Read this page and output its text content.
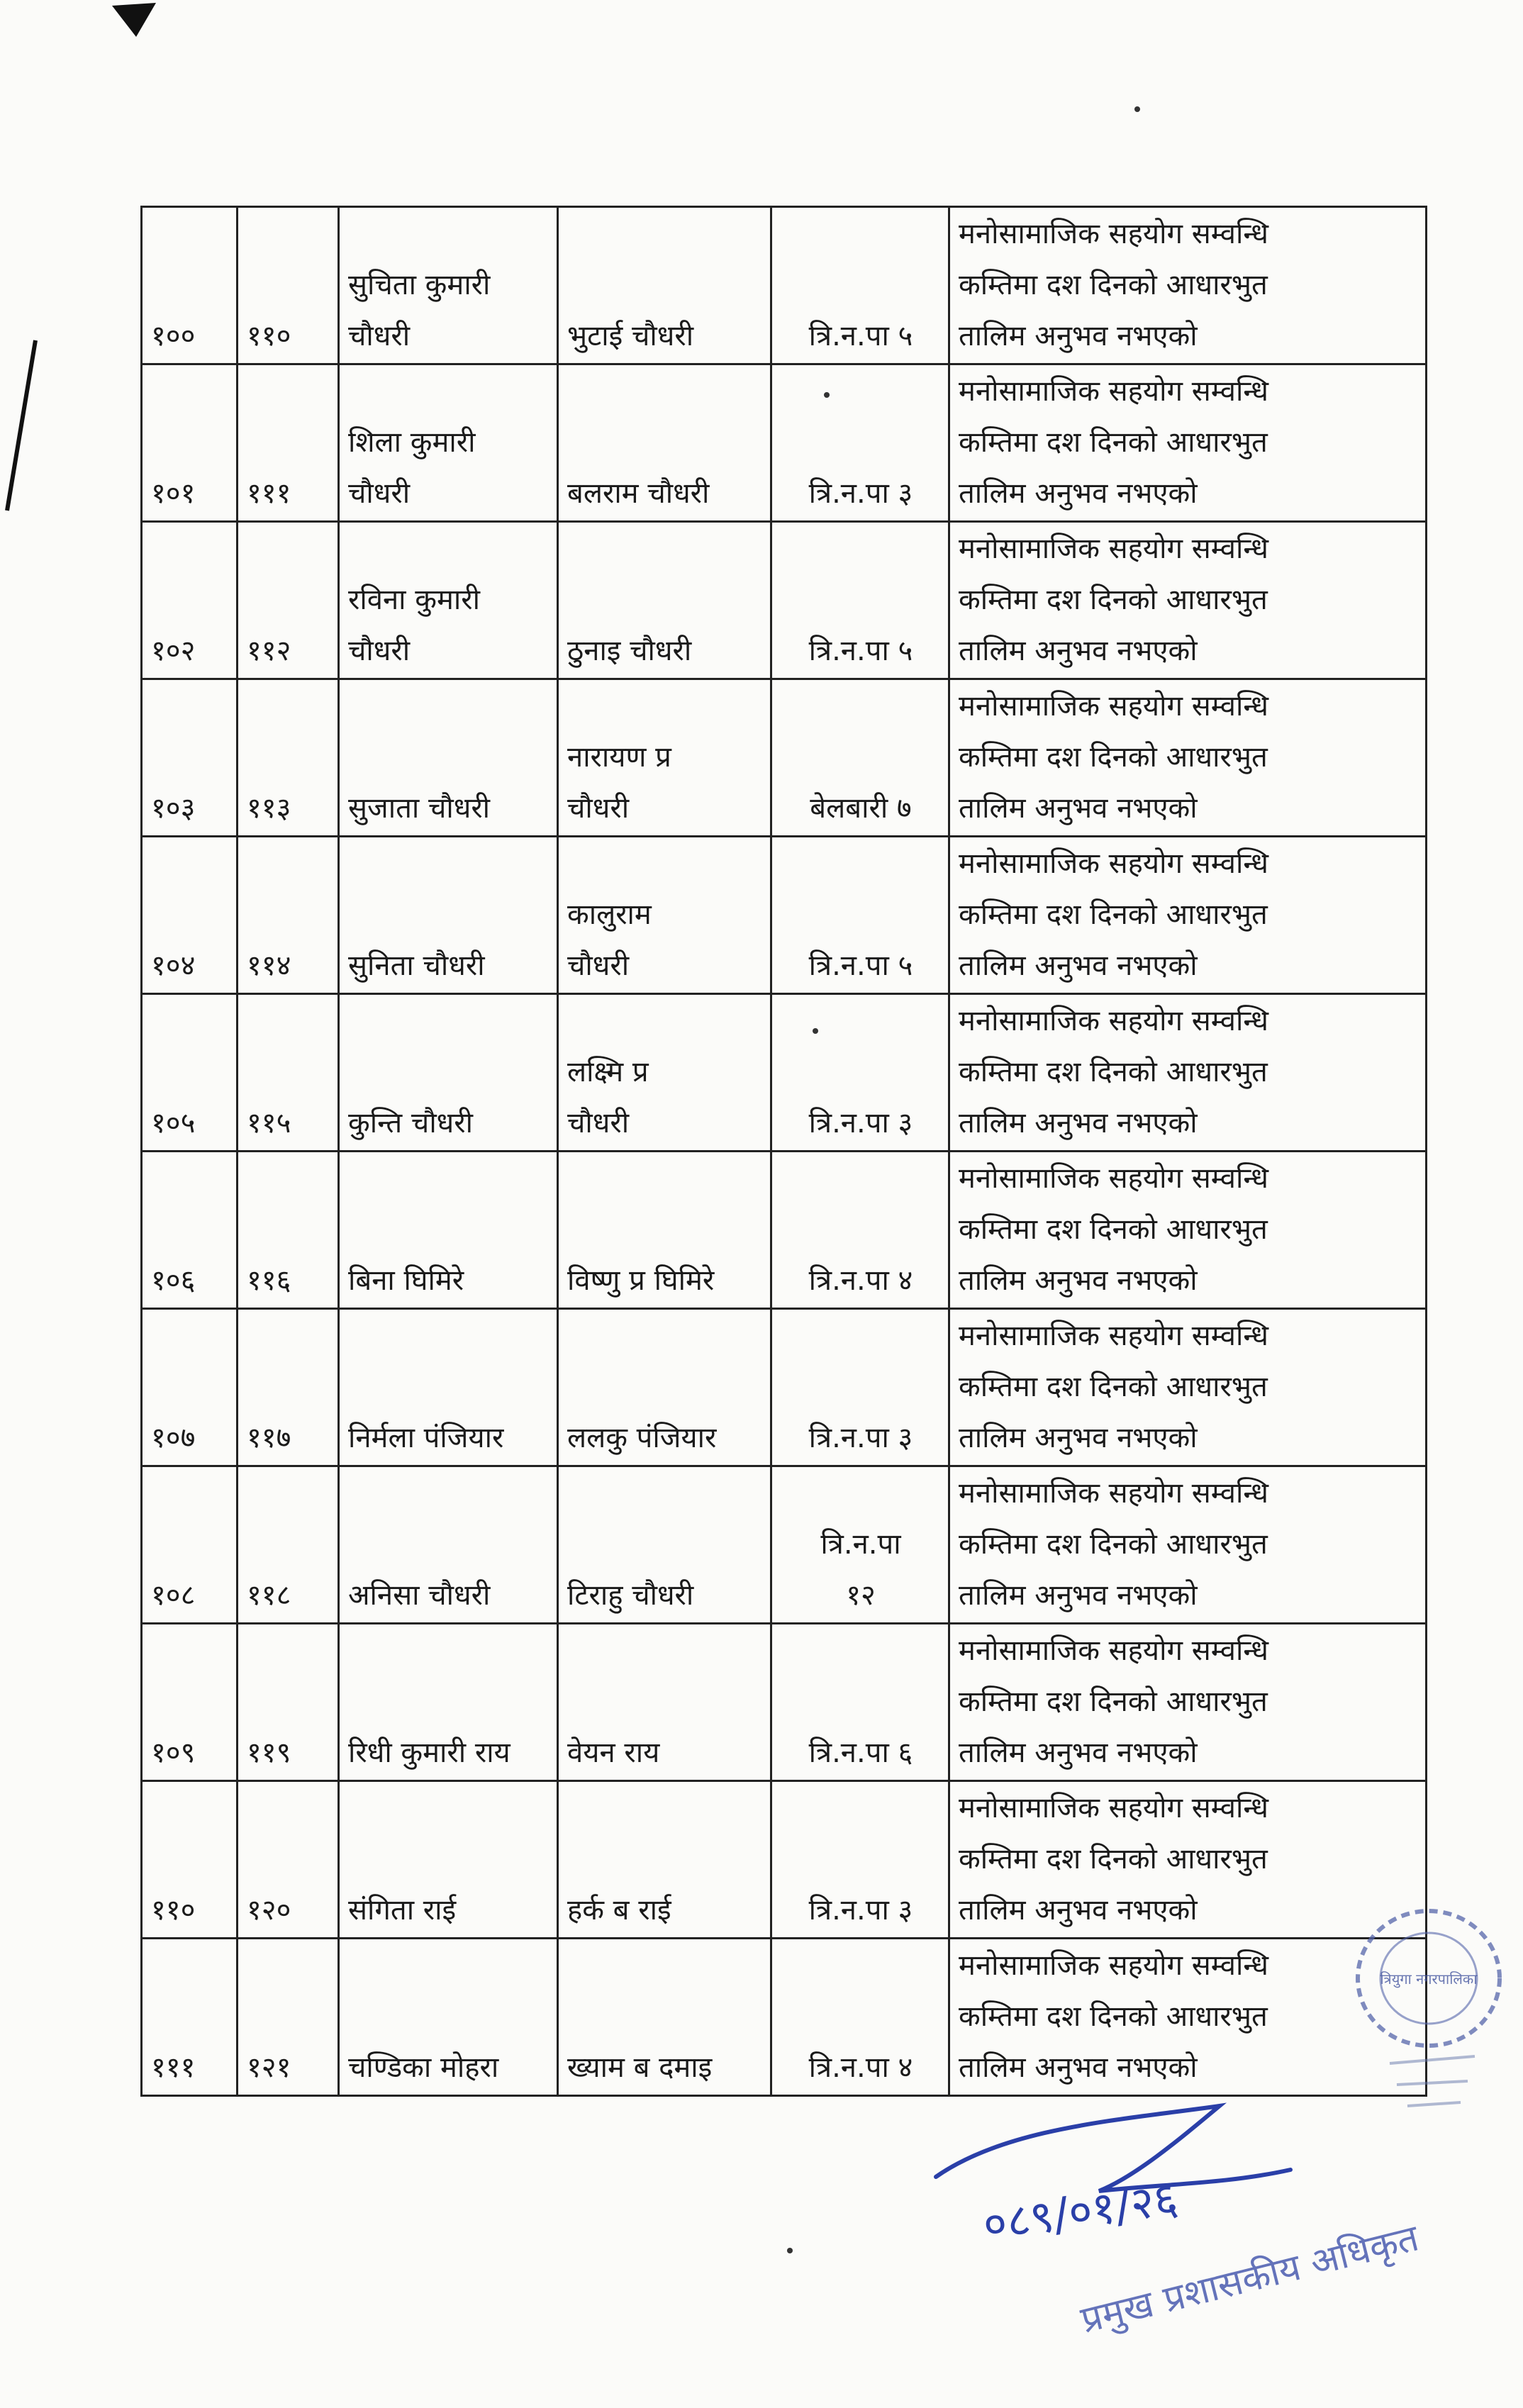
१००	११०	सुचिता कुमारी
चौधरी	भुटाई चौधरी	त्रि.न.पा ५	मनोसामाजिक सहयोग सम्वन्धि
कम्तिमा दश दिनको आधारभुत
तालिम अनुभव नभएको

१०१	१११	शिला कुमारी
चौधरी	बलराम चौधरी	त्रि.न.पा ३	मनोसामाजिक सहयोग सम्वन्धि
कम्तिमा दश दिनको आधारभुत
तालिम अनुभव नभएको

१०२	११२	रविना कुमारी
चौधरी	ठुनाइ चौधरी	त्रि.न.पा ५	मनोसामाजिक सहयोग सम्वन्धि
कम्तिमा दश दिनको आधारभुत
तालिम अनुभव नभएको

१०३	११३	सुजाता चौधरी	नारायण प्र
चौधरी	बेलबारी ७	मनोसामाजिक सहयोग सम्वन्धि
कम्तिमा दश दिनको आधारभुत
तालिम अनुभव नभएको

१०४	११४	सुनिता चौधरी	कालुराम
चौधरी	त्रि.न.पा ५	मनोसामाजिक सहयोग सम्वन्धि
कम्तिमा दश दिनको आधारभुत
तालिम अनुभव नभएको

१०५	११५	कुन्ति चौधरी	लक्ष्मि प्र
चौधरी	त्रि.न.पा ३	मनोसामाजिक सहयोग सम्वन्धि
कम्तिमा दश दिनको आधारभुत
तालिम अनुभव नभएको

१०६	११६	बिना घिमिरे	विष्णु प्र घिमिरे	त्रि.न.पा ४	मनोसामाजिक सहयोग सम्वन्धि
कम्तिमा दश दिनको आधारभुत
तालिम अनुभव नभएको

१०७	११७	निर्मला पंजियार	ललकु पंजियार	त्रि.न.पा ३	मनोसामाजिक सहयोग सम्वन्धि
कम्तिमा दश दिनको आधारभुत
तालिम अनुभव नभएको

१०८	११८	अनिसा चौधरी	टिराहु चौधरी	त्रि.न.पा
१२	मनोसामाजिक सहयोग सम्वन्धि
कम्तिमा दश दिनको आधारभुत
तालिम अनुभव नभएको

१०९	११९	रिधी कुमारी राय	वेयन राय	त्रि.न.पा ६	मनोसामाजिक सहयोग सम्वन्धि
कम्तिमा दश दिनको आधारभुत
तालिम अनुभव नभएको

११०	१२०	संगिता राई	हर्क ब राई	त्रि.न.पा ३	मनोसामाजिक सहयोग सम्वन्धि
कम्तिमा दश दिनको आधारभुत
तालिम अनुभव नभएको

१११	१२१	चण्डिका मोहरा	ख्याम ब दमाइ	त्रि.न.पा ४	मनोसामाजिक सहयोग सम्वन्धि
कम्तिमा दश दिनको आधारभुत
तालिम अनुभव नभएको
त्रियुगा नगरपालिका
०८९/०१/२६
प्रमुख प्रशासकीय अधिकृत
